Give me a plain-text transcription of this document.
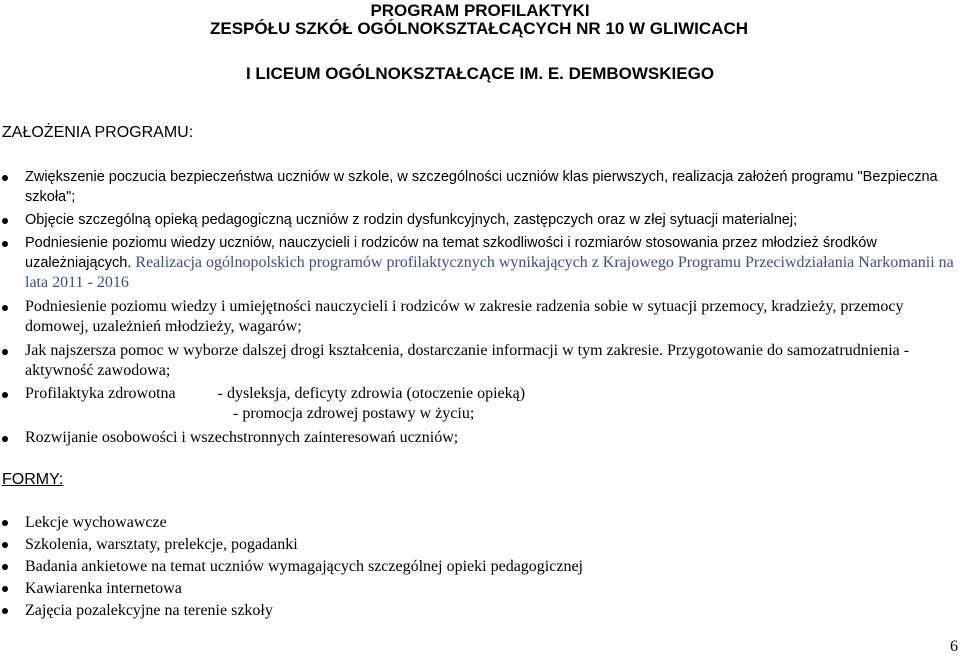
PROGRAM PROFILAKTYKI
ZESPÓŁU SZKÓŁ OGÓLNOKSZTAŁCĄCYCH NR 10 W GLIWICACH
I LICEUM OGÓLNOKSZTAŁCĄCE IM. E. DEMBOWSKIEGO
ZAŁOŻENIA PROGRAMU:
Zwiększenie poczucia bezpieczeństwa uczniów w szkole, w szczególności uczniów klas pierwszych, realizacja założeń programu "Bezpieczna szkoła";
Objęcie szczególną opieką pedagogiczną uczniów z rodzin dysfunkcyjnych, zastępczych oraz w złej sytuacji materialnej;
Podniesienie poziomu wiedzy uczniów, nauczycieli i rodziców na temat szkodliwości i rozmiarów stosowania przez młodzież środków uzależniających. Realizacja ogólnopolskich programów profilaktycznych wynikających z Krajowego Programu Przeciwdziałania Narkomanii na lata 2011 - 2016
Podniesienie poziomu wiedzy i umiejętności nauczycieli i rodziców w zakresie radzenia sobie w sytuacji przemocy, kradzieży, przemocy domowej, uzależnień młodzieży, wagarów;
Jak najszersza pomoc w wyborze dalszej drogi kształcenia, dostarczanie informacji w tym zakresie. Przygotowanie do samozatrudnienia - aktywność zawodowa;
Profilaktyka zdrowotna	- dysleksja, deficyty zdrowia (otoczenie opieką)
- promocja zdrowej postawy w życiu;
Rozwijanie osobowości i wszechstronnych zainteresowań uczniów;
FORMY:
Lekcje wychowawcze
Szkolenia, warsztaty, prelekcje, pogadanki
Badania ankietowe na temat uczniów wymagających szczególnej opieki pedagogicznej
Kawiarenka internetowa
Zajęcia pozalekcyjne na terenie szkoły
6
